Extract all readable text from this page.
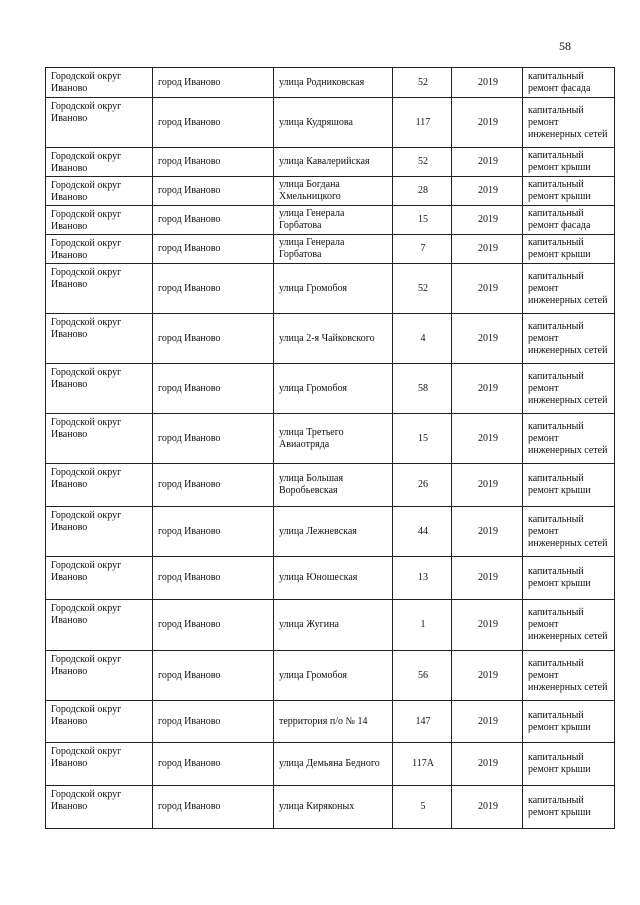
58
Городской округ Иваново	город Иваново	улица Родниковская	52	2019	капитальный ремонт фасада
Городской округ Иваново	город Иваново	улица Кудряшова	117	2019	капитальный ремонт инженерных сетей
Городской округ Иваново	город Иваново	улица Кавалерийская	52	2019	капитальный ремонт крыши
Городской округ Иваново	город Иваново	улица Богдана Хмельницкого	28	2019	капитальный ремонт крыши
Городской округ Иваново	город Иваново	улица Генерала Горбатова	15	2019	капитальный ремонт фасада
Городской округ Иваново	город Иваново	улица Генерала Горбатова	7	2019	капитальный ремонт крыши
Городской округ Иваново	город Иваново	улица Громобоя	52	2019	капитальный ремонт инженерных сетей
Городской округ Иваново	город Иваново	улица 2-я Чайковского	4	2019	капитальный ремонт инженерных сетей
Городской округ Иваново	город Иваново	улица Громобоя	58	2019	капитальный ремонт инженерных сетей
Городской округ Иваново	город Иваново	улица Третьего Авиаотряда	15	2019	капитальный ремонт инженерных сетей
Городской округ Иваново	город Иваново	улица Большая Воробьевская	26	2019	капитальный ремонт крыши
Городской округ Иваново	город Иваново	улица Лежневская	44	2019	капитальный ремонт инженерных сетей
Городской округ Иваново	город Иваново	улица Юношеская	13	2019	капитальный ремонт крыши
Городской округ Иваново	город Иваново	улица Жугина	1	2019	капитальный ремонт инженерных сетей
Городской округ Иваново	город Иваново	улица Громобоя	56	2019	капитальный ремонт инженерных сетей
Городской округ Иваново	город Иваново	территория п/о № 14	147	2019	капитальный ремонт крыши
Городской округ Иваново	город Иваново	улица Демьяна Бедного	117А	2019	капитальный ремонт крыши
Городской округ Иваново	город Иваново	улица Киряконых	5	2019	капитальный ремонт крыши
